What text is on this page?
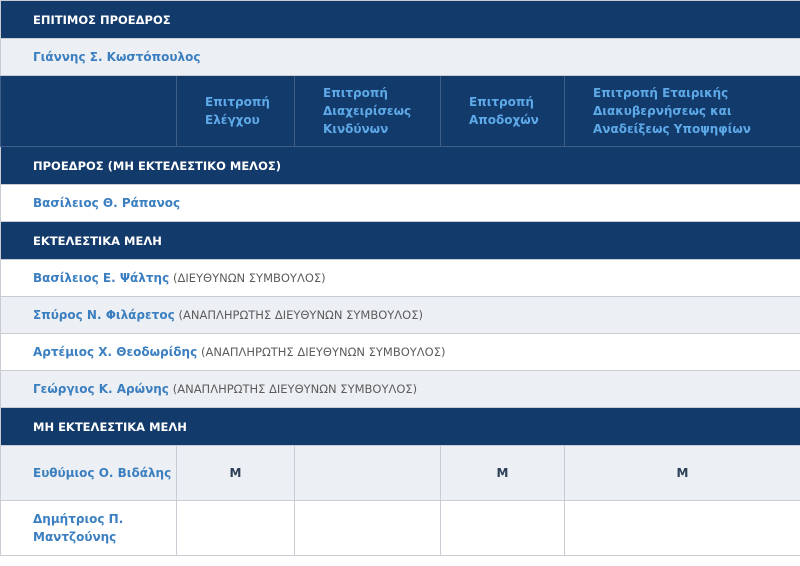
ΕΠΙΤΙΜΟΣ ΠΡΟΕΔΡΟΣ				
Γιάννης Σ. Κωστόπουλος				
	Επιτροπή Ελέγχου	Επιτροπή Διαχειρίσεως Κινδύνων	Επιτροπή Αποδοχών	Επιτροπή Εταιρικής Διακυβερνήσεως και Αναδείξεως Υποψηφίων
ΠΡΟΕΔΡΟΣ (ΜΗ ΕΚΤΕΛΕΣΤΙΚΟ ΜΕΛΟΣ)				
Βασίλειος Θ. Ράπανος				
ΕΚΤΕΛΕΣΤΙΚΑ ΜΕΛΗ				
Βασίλειος Ε. Ψάλτης (ΔΙΕΥΘΥΝΩΝ ΣΥΜΒΟΥΛΟΣ)				
Σπύρος Ν. Φιλάρετος (ΑΝΑΠΛΗΡΩΤΗΣ ΔΙΕΥΘΥΝΩΝ ΣΥΜΒΟΥΛΟΣ)				
Αρτέμιος Χ. Θεοδωρίδης (ΑΝΑΠΛΗΡΩΤΗΣ ΔΙΕΥΘΥΝΩΝ ΣΥΜΒΟΥΛΟΣ)				
Γεώργιος Κ. Αρώνης (ΑΝΑΠΛΗΡΩΤΗΣ ΔΙΕΥΘΥΝΩΝ ΣΥΜΒΟΥΛΟΣ)				
ΜΗ ΕΚΤΕΛΕΣΤΙΚΑ ΜΕΛΗ				
Ευθύμιος Ο. Βιδάλης	Μ		Μ	Μ
Δημήτριος Π. Μαντζούνης				
